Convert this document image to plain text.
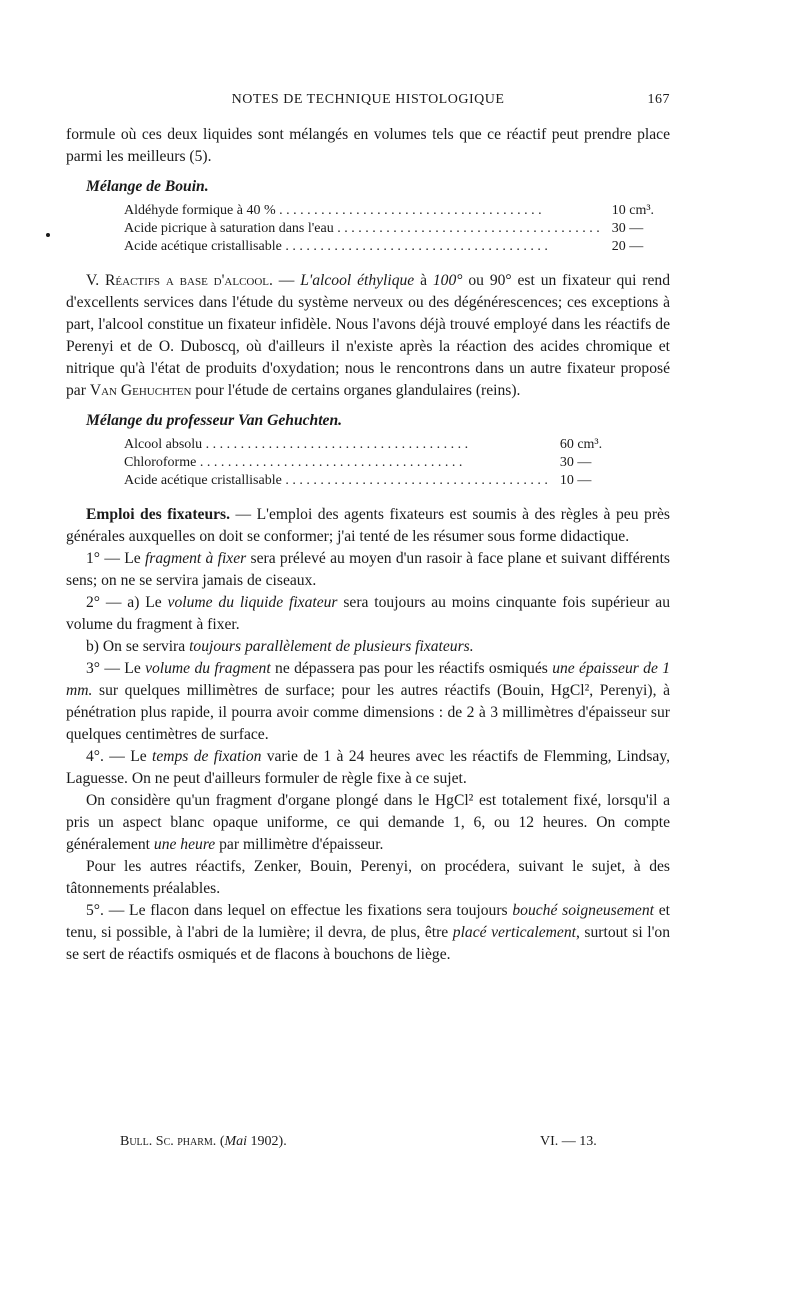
NOTES DE TECHNIQUE HISTOLOGIQUE	167

formule où ces deux liquides sont mélangés en volumes tels que ce réactif peut prendre place parmi les meilleurs (5).

Mélange de Bouin.
Aldéhyde formique à 40 % . . .	10 cm³.
Acide picrique à saturation dans l'eau . . .	30 —
Acide acétique cristallisable . . .	20 —

V. Réactifs a base d'alcool. — L'alcool éthylique à 100° ou 90° est un fixateur qui rend d'excellents services dans l'étude du système nerveux ou des dégénérescences; ces exceptions à part, l'alcool constitue un fixateur infidèle. Nous l'avons déjà trouvé employé dans les réactifs de Perenyi et de O. Duboscq, où d'ailleurs il n'existe après la réaction des acides chromique et nitrique qu'à l'état de produits d'oxydation; nous le rencontrons dans un autre fixateur proposé par Van Gehuchten pour l'étude de certains organes glandulaires (reins).

Mélange du professeur Van Gehuchten.
Alcool absolu . . .	60 cm³.
Chloroforme . . .	30 —
Acide acétique cristallisable . . .	10 —

Emploi des fixateurs. — L'emploi des agents fixateurs est soumis à des règles à peu près générales auxquelles on doit se conformer; j'ai tenté de les résumer sous forme didactique.

1° — Le fragment à fixer sera prélevé au moyen d'un rasoir à face plane et suivant différents sens; on ne se servira jamais de ciseaux.

2° — a) Le volume du liquide fixateur sera toujours au moins cinquante fois supérieur au volume du fragment à fixer.

b) On se servira toujours parallèlement de plusieurs fixateurs.

3° — Le volume du fragment ne dépassera pas pour les réactifs osmiqués une épaisseur de 1 mm. sur quelques millimètres de surface; pour les autres réactifs (Bouin, HgCl², Perenyi), à pénétration plus rapide, il pourra avoir comme dimensions : de 2 à 3 millimètres d'épaisseur sur quelques centimètres de surface.

4°. — Le temps de fixation varie de 1 à 24 heures avec les réactifs de Flemming, Lindsay, Laguesse. On ne peut d'ailleurs formuler de règle fixe à ce sujet.

On considère qu'un fragment d'organe plongé dans le HgCl² est totalement fixé, lorsqu'il a pris un aspect blanc opaque uniforme, ce qui demande 1, 6, ou 12 heures. On compte généralement une heure par millimètre d'épaisseur.

Pour les autres réactifs, Zenker, Bouin, Perenyi, on procédera, suivant le sujet, à des tâtonnements préalables.

5°. — Le flacon dans lequel on effectue les fixations sera toujours bouché soigneusement et tenu, si possible, à l'abri de la lumière; il devra, de plus, être placé verticalement, surtout si l'on se sert de réactifs osmiqués et de flacons à bouchons de liège.

Bull. Sc. pharm. (Mai 1902).	VI. — 13.
